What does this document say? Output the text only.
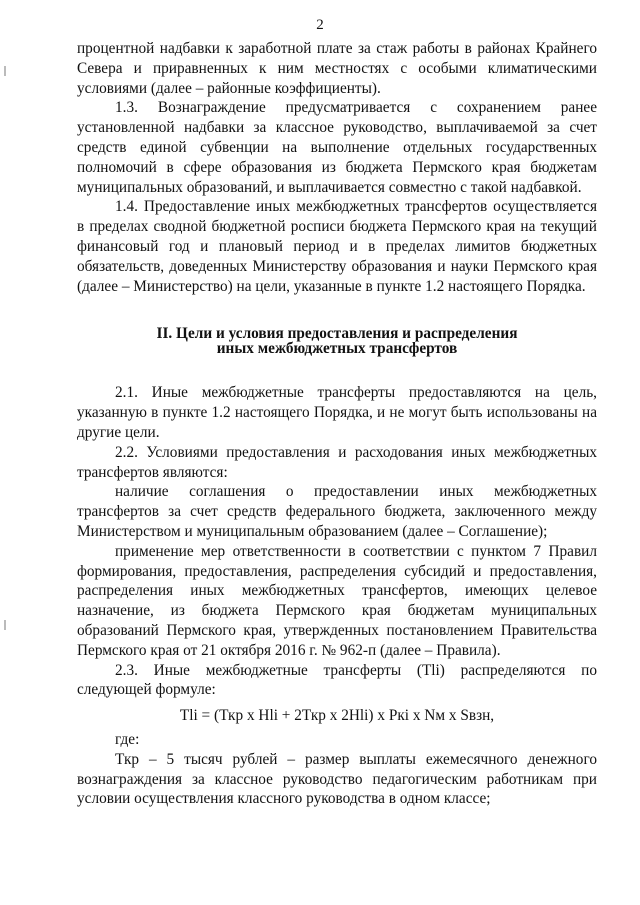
2

процентной надбавки к заработной плате за стаж работы в районах Крайнего Севера и приравненных к ним местностях с особыми климатическими условиями (далее – районные коэффициенты).

1.3. Вознаграждение предусматривается с сохранением ранее установленной надбавки за классное руководство, выплачиваемой за счет средств единой субвенции на выполнение отдельных государственных полномочий в сфере образования из бюджета Пермского края бюджетам муниципальных образований, и выплачивается совместно с такой надбавкой.

1.4. Предоставление иных межбюджетных трансфертов осуществляется в пределах сводной бюджетной росписи бюджета Пермского края на текущий финансовый год и плановый период и в пределах лимитов бюджетных обязательств, доведенных Министерству образования и науки Пермского края (далее – Министерство) на цели, указанные в пункте 1.2 настоящего Порядка.

II. Цели и условия предоставления и распределения

иных межбюджетных трансфертов

2.1. Иные межбюджетные трансферты предоставляются на цель, указанную в пункте 1.2 настоящего Порядка, и не могут быть использованы на другие цели.

2.2. Условиями предоставления и расходования иных межбюджетных трансфертов являются:

наличие соглашения о предоставлении иных межбюджетных трансфертов за счет средств федерального бюджета, заключенного между Министерством и муниципальным образованием (далее – Соглашение);

применение мер ответственности в соответствии с пунктом 7 Правил формирования, предоставления, распределения субсидий и предоставления, распределения иных межбюджетных трансфертов, имеющих целевое назначение, из бюджета Пермского края бюджетам муниципальных образований Пермского края, утвержденных постановлением Правительства Пермского края от 21 октября 2016 г. № 962-п (далее – Правила).

2.3. Иные межбюджетные трансферты (Tli) распределяются по следующей формуле:

Tli = (Ткр x Hli + 2Ткр x 2Hli) x Pкi x Nм x Sвзн,

где:

Ткр – 5 тысяч рублей – размер выплаты ежемесячного денежного вознаграждения за классное руководство педагогическим работникам при условии осуществления классного руководства в одном классе;
